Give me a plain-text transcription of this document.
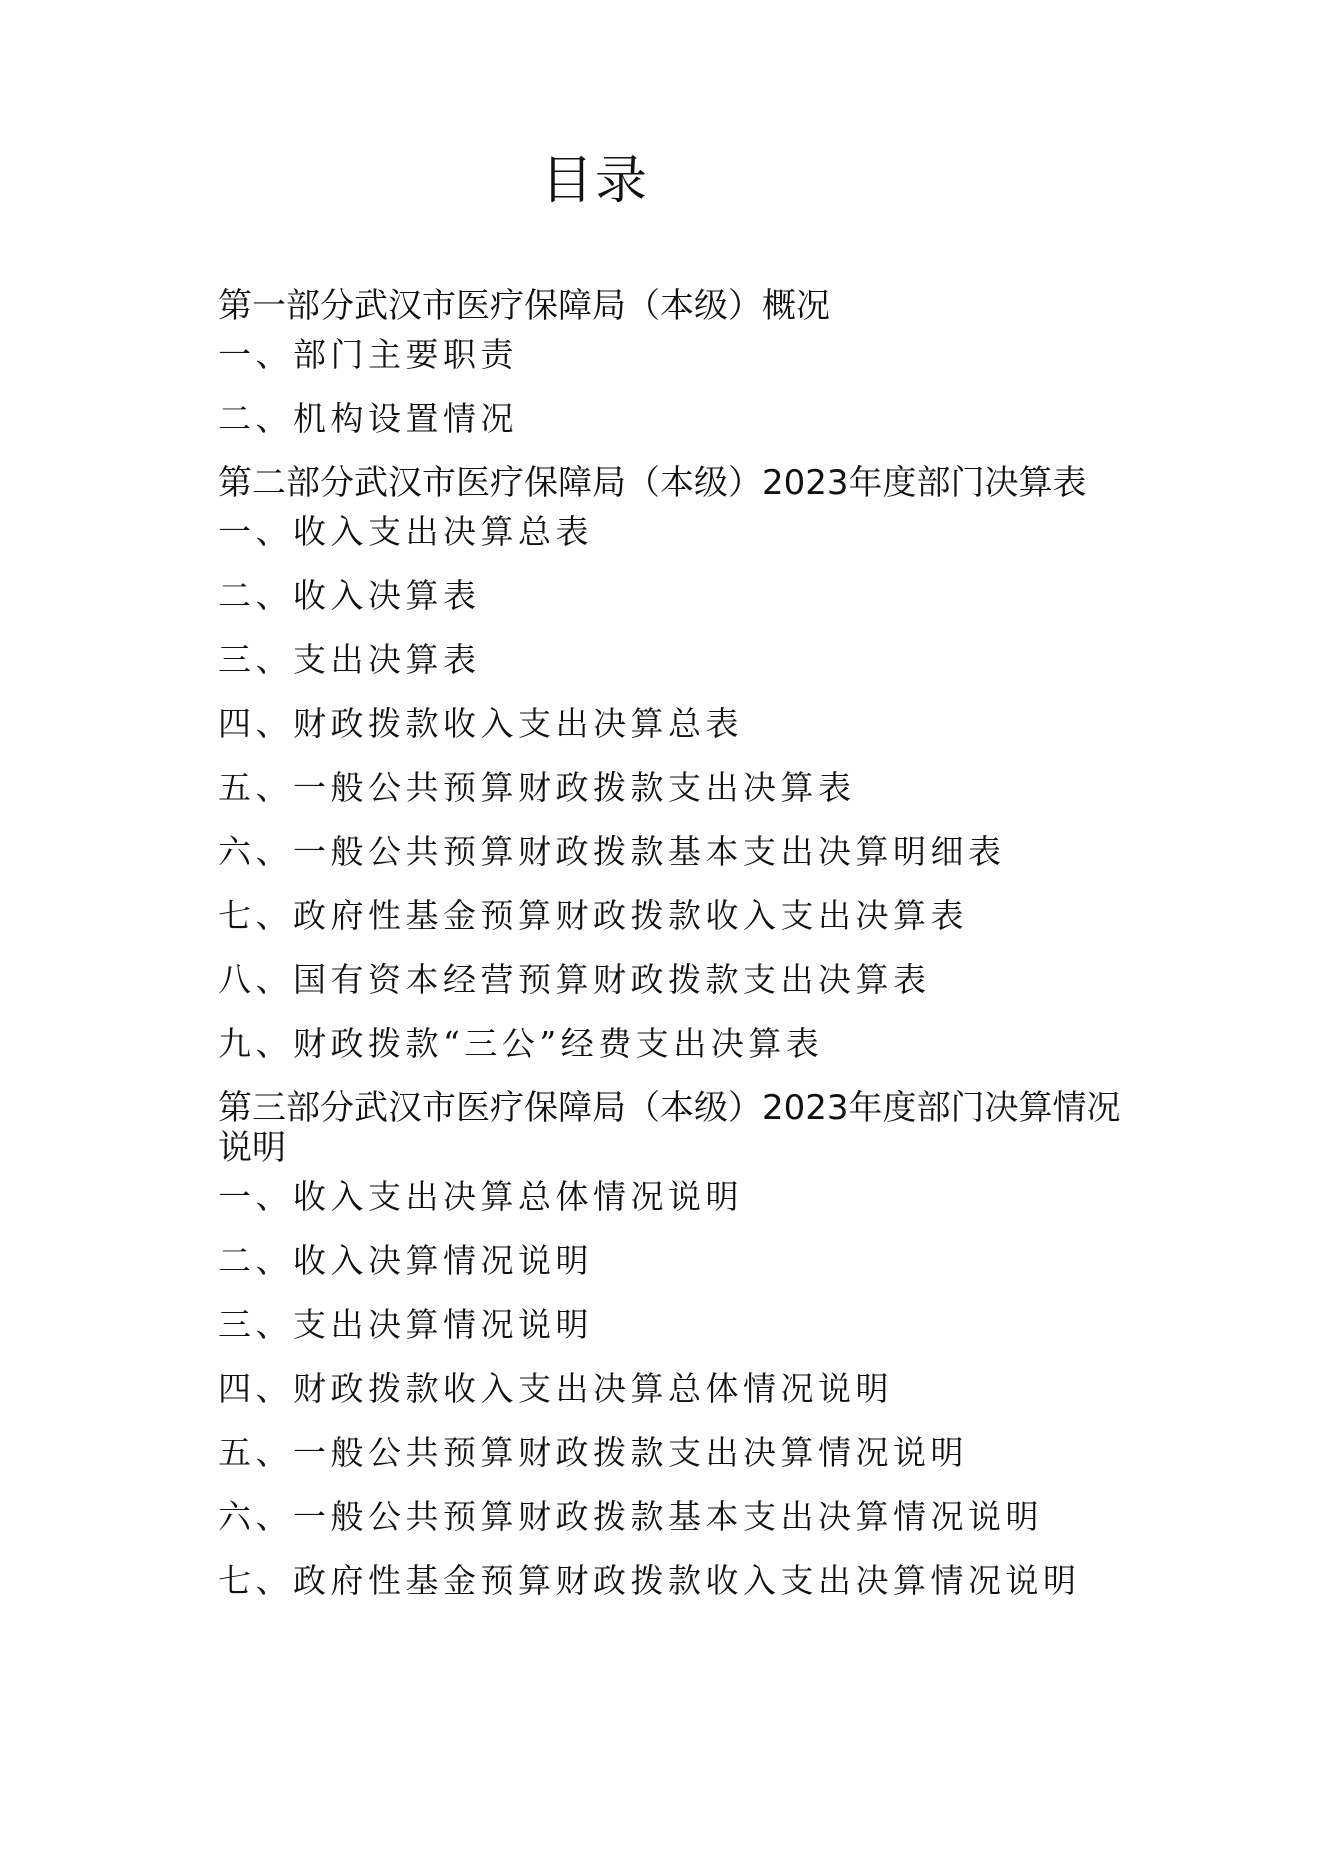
目录
第一部分武汉市医疗保障局（本级）概况
一、部门主要职责
二、机构设置情况
第二部分武汉市医疗保障局（本级）2023年度部门决算表
一、收入支出决算总表
二、收入决算表
三、支出决算表
四、财政拨款收入支出决算总表
五、一般公共预算财政拨款支出决算表
六、一般公共预算财政拨款基本支出决算明细表
七、政府性基金预算财政拨款收入支出决算表
八、国有资本经营预算财政拨款支出决算表
九、财政拨款“三公”经费支出决算表
第三部分武汉市医疗保障局（本级）2023年度部门决算情况说明
一、收入支出决算总体情况说明
二、收入决算情况说明
三、支出决算情况说明
四、财政拨款收入支出决算总体情况说明
五、一般公共预算财政拨款支出决算情况说明
六、一般公共预算财政拨款基本支出决算情况说明
七、政府性基金预算财政拨款收入支出决算情况说明
